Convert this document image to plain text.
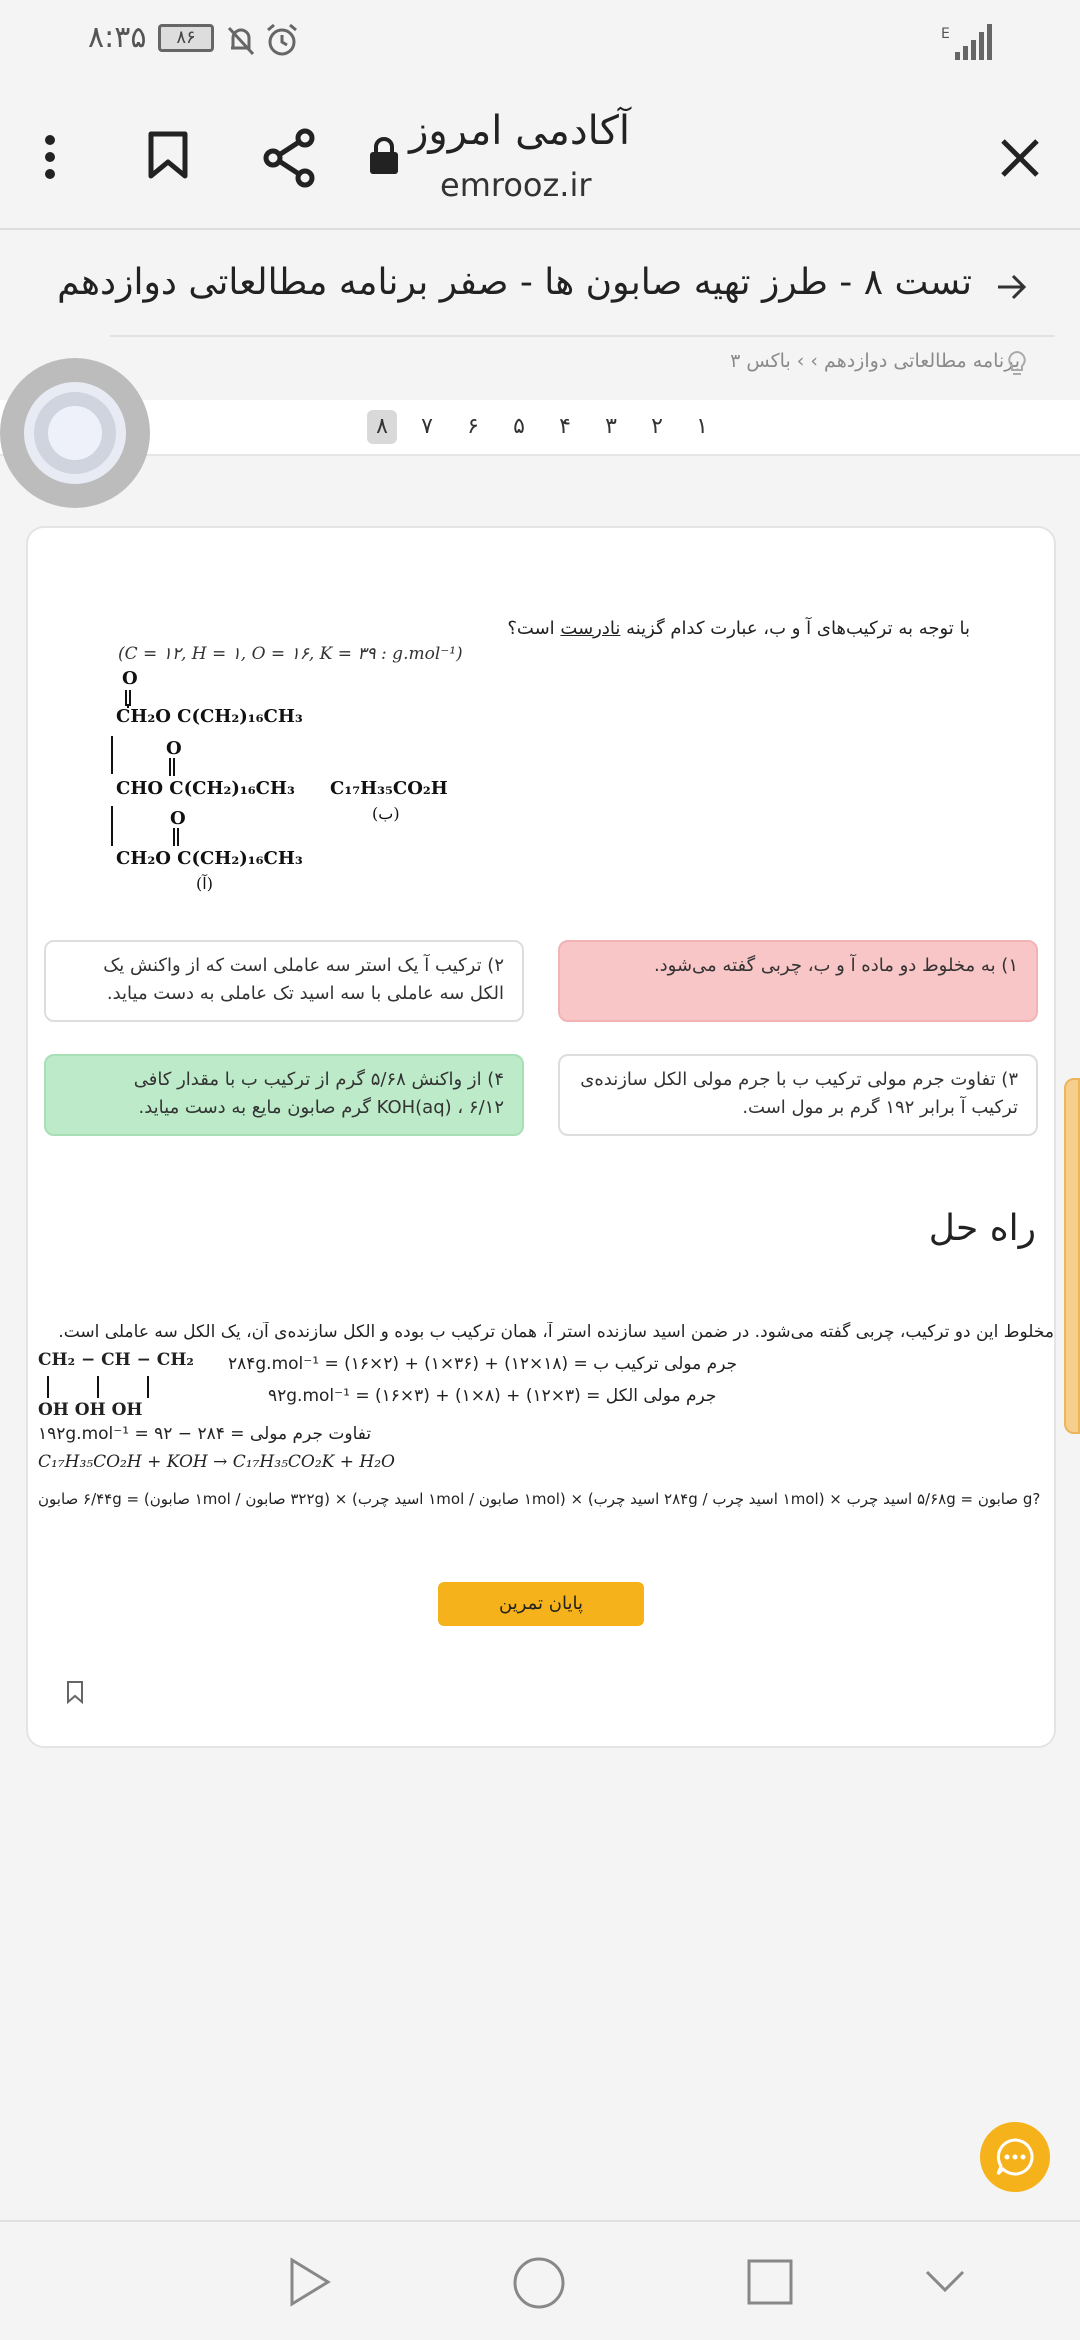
۸:۳۵	۸۶	E
آکادمی امروز
emrooz.ir
تست ۸ - طرز تهیه صابون ها - صفر برنامه مطالعاتی دوازدهم
برنامه مطالعاتی دوازدهم › › باکس ۳
۱
۲
۳
۴
۵
۶
۷
۸
با توجه به ترکیب‌های آ و ب، عبارت کدام گزینه نادرست است؟
(C = ۱۲, H = ۱, O = ۱۶, K = ۳۹ : g.mol⁻¹)
O
CH₂O C(CH₂)₁₆CH₃
O
CHO C(CH₂)₁₆CH₃
O
CH₂O C(CH₂)₁₆CH₃
(آ)
C₁₇H₃₅CO₂H
(ب)
۱) به مخلوط دو ماده آ و ب، چربی گفته می‌شود.
۲) ترکیب آ یک استر سه عاملی است که از واکنش یک الکل سه عاملی با سه اسید تک عاملی به دست میاید.
۳) تفاوت جرم مولی ترکیب ب با جرم مولی الکل سازنده‌ی ترکیب آ برابر ۱۹۲ گرم بر مول است.
۴) از واکنش ۵/۶۸ گرم از ترکیب ب با مقدار کافی KOH(aq) ، ۶/۱۲ گرم صابون مایع به دست میاید.
راه حل
مخلوط این دو ترکیب، چربی گفته می‌شود. در ضمن اسید سازنده استر آ، همان ترکیب ب بوده و الکل سازنده‌ی آن، یک الکل سه عاملی است.
CH₂ − CH − CH₂
OH OH OH
جرم مولی ترکیب ب = (۱۸×۱۲) + (۳۶×۱) + (۲×۱۶) = ۲۸۴g.mol⁻¹
جرم مولی الکل = (۳×۱۲) + (۸×۱) + (۳×۱۶) = ۹۲g.mol⁻¹
تفاوت جرم مولی = ۲۸۴ − ۹۲ = ۱۹۲g.mol⁻¹
C₁₇H₃₅CO₂H + KOH → C₁₇H₃₅CO₂K + H₂O
?g صابون = ۵/۶۸g اسید چرب × (۱mol اسید چرب / ۲۸۴g اسید چرب) × (۱mol صابون / ۱mol اسید چرب) × (۳۲۲g صابون / ۱mol صابون) = ۶/۴۴g صابون
پایان تمرین
